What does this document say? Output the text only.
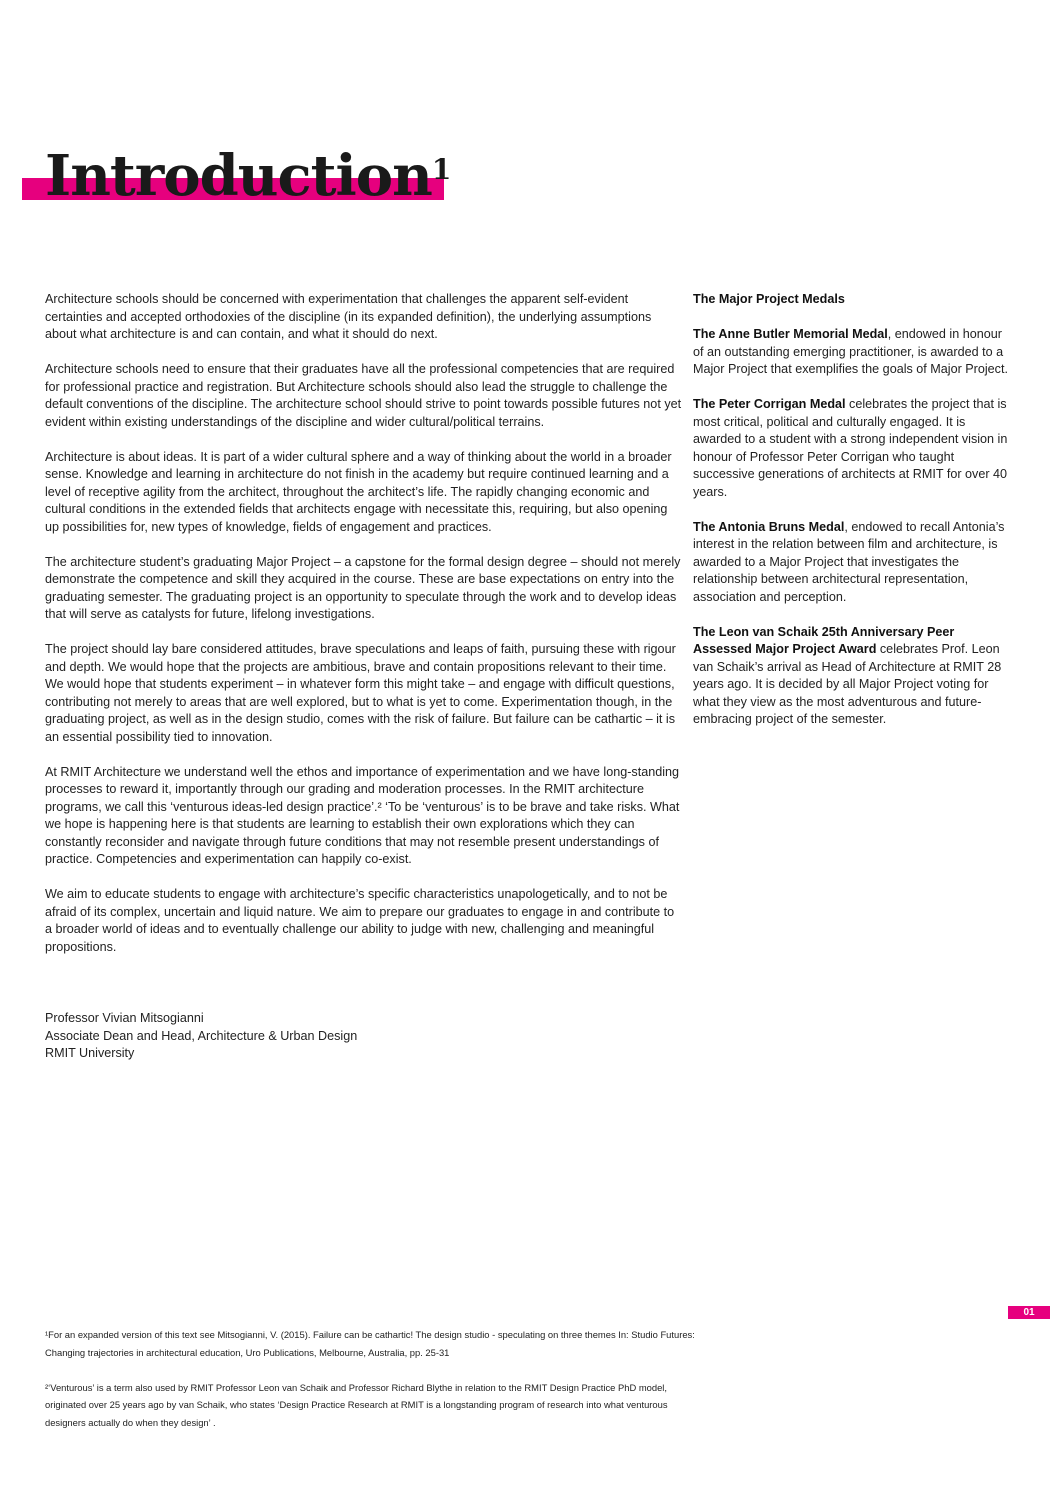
Introduction$^1$

Architecture schools should be concerned with experimentation that challenges the apparent self-evident certainties and accepted orthodoxies of the discipline (in its expanded definition), the underlying assumptions about what architecture is and can contain, and what it should do next.

Architecture schools need to ensure that their graduates have all the professional competencies that are required for professional practice and registration. But Architecture schools should also lead the struggle to challenge the default conventions of the discipline. The architecture school should strive to point towards possible futures not yet evident within existing understandings of the discipline and wider cultural/political terrains.

Architecture is about ideas. It is part of a wider cultural sphere and a way of thinking about the world in a broader sense. Knowledge and learning in architecture do not finish in the academy but require continued learning and a level of receptive agility from the architect, throughout the architect’s life. The rapidly changing economic and cultural conditions in the extended fields that architects engage with necessitate this, requiring, but also opening up possibilities for, new types of knowledge, fields of engagement and practices.

The architecture student’s graduating Major Project – a capstone for the formal design degree – should not merely demonstrate the competence and skill they acquired in the course. These are base expectations on entry into the graduating semester. The graduating project is an opportunity to speculate through the work and to develop ideas that will serve as catalysts for future, lifelong investigations.

The project should lay bare considered attitudes, brave speculations and leaps of faith, pursuing these with rigour and depth. We would hope that the projects are ambitious, brave and contain propositions relevant to their time. We would hope that students experiment – in whatever form this might take – and engage with difficult questions, contributing not merely to areas that are well explored, but to what is yet to come. Experimentation though, in the graduating project, as well as in the design studio, comes with the risk of failure. But failure can be cathartic – it is an essential possibility tied to innovation.

At RMIT Architecture we understand well the ethos and importance of experimentation and we have long-standing processes to reward it, importantly through our grading and moderation processes. In the RMIT architecture programs, we call this ‘venturous ideas-led design practice’.² ‘To be ‘venturous’ is to be brave and take risks. What we hope is happening here is that students are learning to establish their own explorations which they can constantly reconsider and navigate through future conditions that may not resemble present understandings of practice. Competencies and experimentation can happily co-exist.

We aim to educate students to engage with architecture’s specific characteristics unapologetically, and to not be afraid of its complex, uncertain and liquid nature. We aim to prepare our graduates to engage in and contribute to a broader world of ideas and to eventually challenge our ability to judge with new, challenging and meaningful propositions.

Professor Vivian Mitsogianni
Associate Dean and Head, Architecture & Urban Design
RMIT University

The Major Project Medals

The Anne Butler Memorial Medal, endowed in honour of an outstanding emerging practitioner, is awarded to a Major Project that exemplifies the goals of Major Project.

The Peter Corrigan Medal celebrates the project that is most critical, political and culturally engaged. It is awarded to a student with a strong independent vision in honour of Professor Peter Corrigan who taught successive generations of architects at RMIT for over 40 years.

The Antonia Bruns Medal, endowed to recall Antonia’s interest in the relation between film and architecture, is awarded to a Major Project that investigates the relationship between architectural representation, association and perception.

The Leon van Schaik 25th Anniversary Peer Assessed Major Project Award celebrates Prof. Leon van Schaik’s arrival as Head of Architecture at RMIT 28 years ago. It is decided by all Major Project voting for what they view as the most adventurous and future-embracing project of the semester.

01

¹For an expanded version of this text see Mitsogianni, V. (2015). Failure can be cathartic! The design studio - speculating on three themes In: Studio Futures: Changing trajectories in architectural education, Uro Publications, Melbourne, Australia, pp. 25-31

²‘Venturous’ is a term also used by RMIT Professor Leon van Schaik and Professor Richard Blythe in relation to the RMIT Design Practice PhD model, originated over 25 years ago by van Schaik, who states ‘Design Practice Research at RMIT is a longstanding program of research into what venturous designers actually do when they design’ .
